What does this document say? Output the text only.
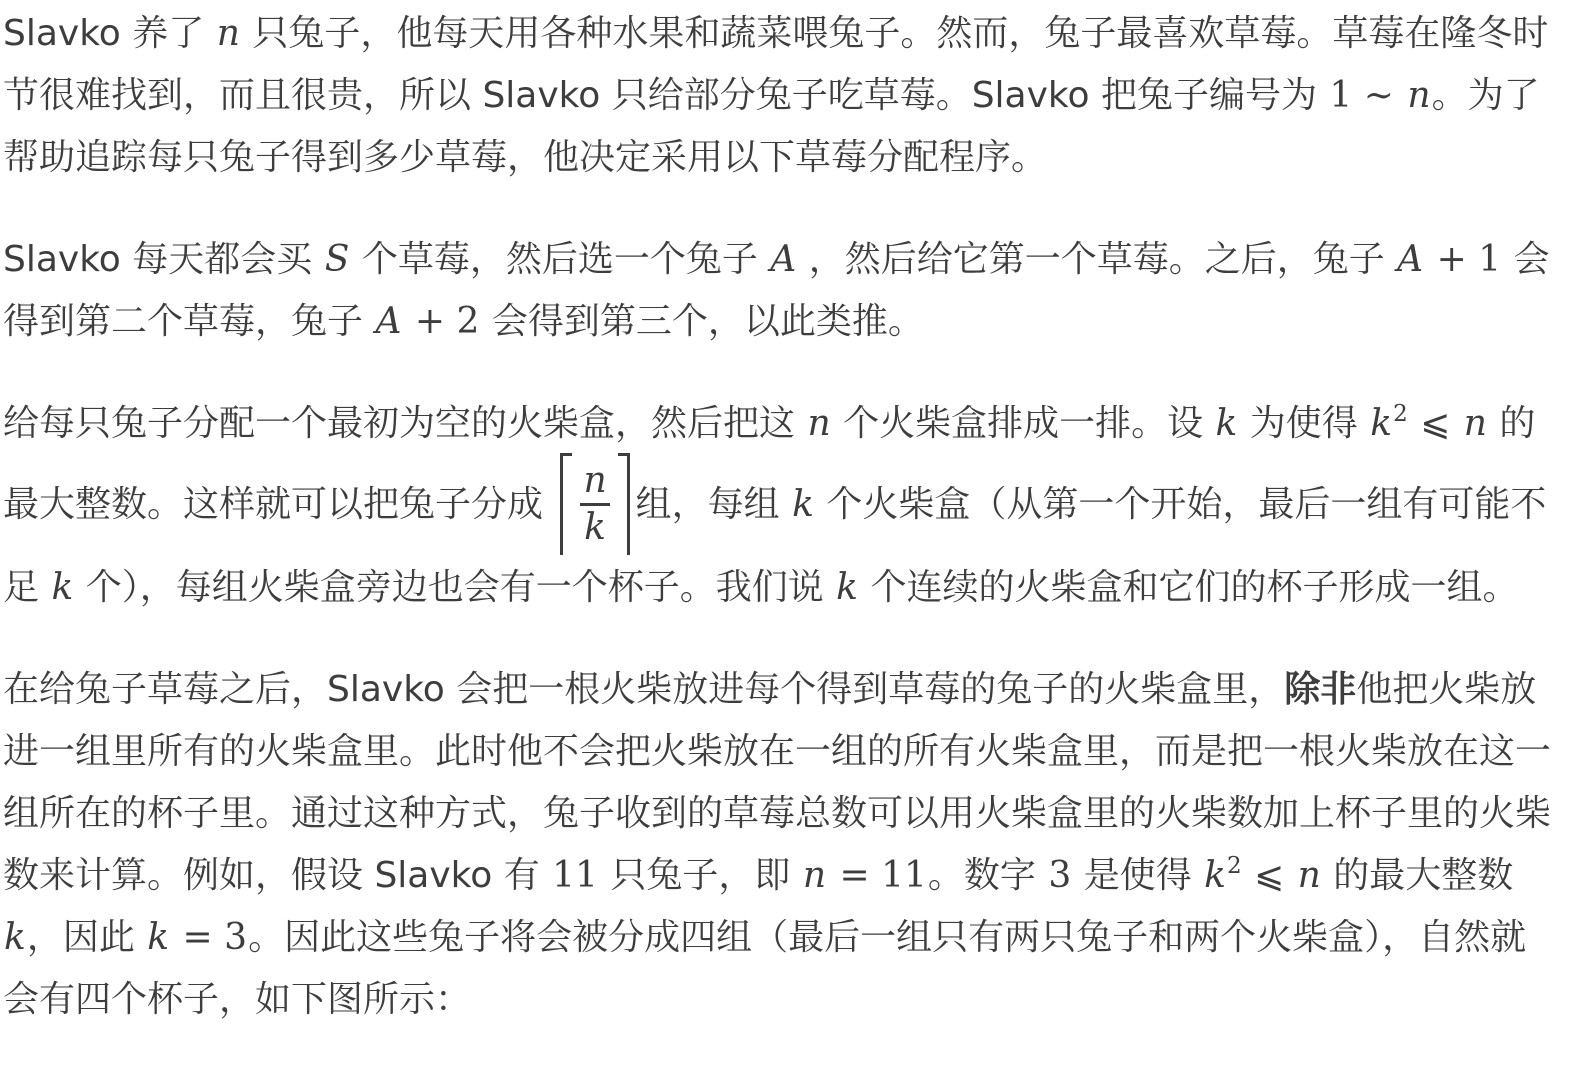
Slavko 养了 n 只兔子，他每天用各种水果和蔬菜喂兔子。然而，兔子最喜欢草莓。草莓在隆冬时节很难找到，而且很贵，所以 Slavko 只给部分兔子吃草莓。Slavko 把兔子编号为 1 ∼ n。为了帮助追踪每只兔子得到多少草莓，他决定采用以下草莓分配程序。

Slavko 每天都会买 S 个草莓，然后选一个兔子 A ，然后给它第一个草莓。之后，兔子 A + 1 会得到第二个草莓，兔子 A + 2 会得到第三个，以此类推。

给每只兔子分配一个最初为空的火柴盒，然后把这 n 个火柴盒排成一排。设 k 为使得 $k^2$ ⩽ n 的最大整数。这样就可以把兔子分成 $\frac{n}{k}$ 组，每组 k 个火柴盒（从第一个开始，最后一组有可能不足 k 个），每组火柴盒旁边也会有一个杯子。我们说 k 个连续的火柴盒和它们的杯子形成一组。

在给兔子草莓之后，Slavko 会把一根火柴放进每个得到草莓的兔子的火柴盒里，除非他把火柴放进一组里所有的火柴盒里。此时他不会把火柴放在一组的所有火柴盒里，而是把一根火柴放在这一组所在的杯子里。通过这种方式，兔子收到的草莓总数可以用火柴盒里的火柴数加上杯子里的火柴数来计算。例如，假设 Slavko 有 11 只兔子，即 n = 11。数字 3 是使得 $k^2$ ⩽ n 的最大整数 k，因此 k = 3。因此这些兔子将会被分成四组（最后一组只有两只兔子和两个火柴盒），自然就会有四个杯子，如下图所示：
